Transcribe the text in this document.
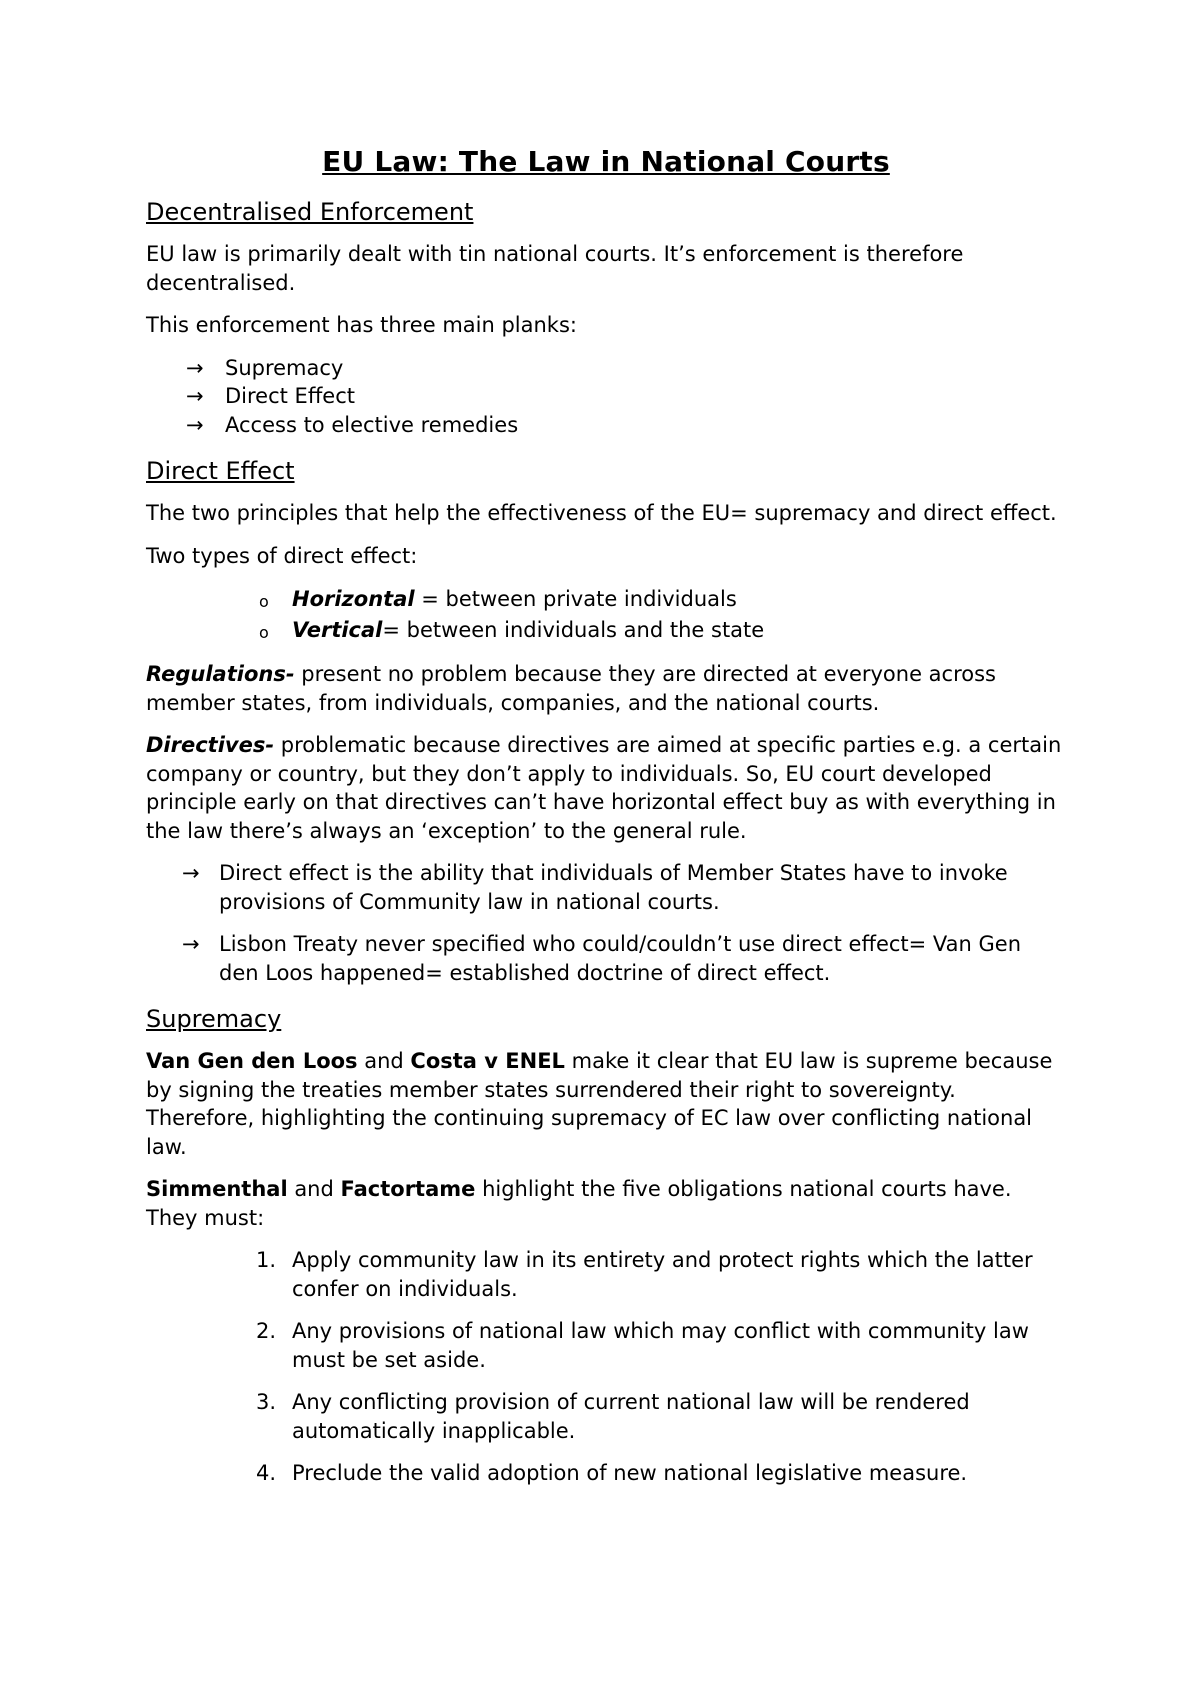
EU Law: The Law in National Courts
Decentralised Enforcement

EU law is primarily dealt with tin national courts. It’s enforcement is therefore decentralised.

This enforcement has three main planks:

→ Supremacy
→ Direct Effect
→ Access to elective remedies
Direct Effect

The two principles that help the effectiveness of the EU= supremacy and direct effect.

Two types of direct effect:

o Horizontal = between private individuals
o Vertical= between individuals and the state

Regulations- present no problem because they are directed at everyone across member states, from individuals, companies, and the national courts.

Directives- problematic because directives are aimed at specific parties e.g. a certain company or country, but they don’t apply to individuals. So, EU court developed principle early on that directives can’t have horizontal effect buy as with everything in the law there’s always an ‘exception’ to the general rule.

→ Direct effect is the ability that individuals of Member States have to invoke provisions of Community law in national courts.
→ Lisbon Treaty never specified who could/couldn’t use direct effect= Van Gen den Loos happened= established doctrine of direct effect.
Supremacy

Van Gen den Loos and Costa v ENEL make it clear that EU law is supreme because by signing the treaties member states surrendered their right to sovereignty. Therefore, highlighting the continuing supremacy of EC law over conflicting national law.

Simmenthal and Factortame highlight the five obligations national courts have. They must:

1. Apply community law in its entirety and protect rights which the latter confer on individuals.
2. Any provisions of national law which may conflict with community law must be set aside.
3. Any conflicting provision of current national law will be rendered automatically inapplicable.
4. Preclude the valid adoption of new national legislative measure.
